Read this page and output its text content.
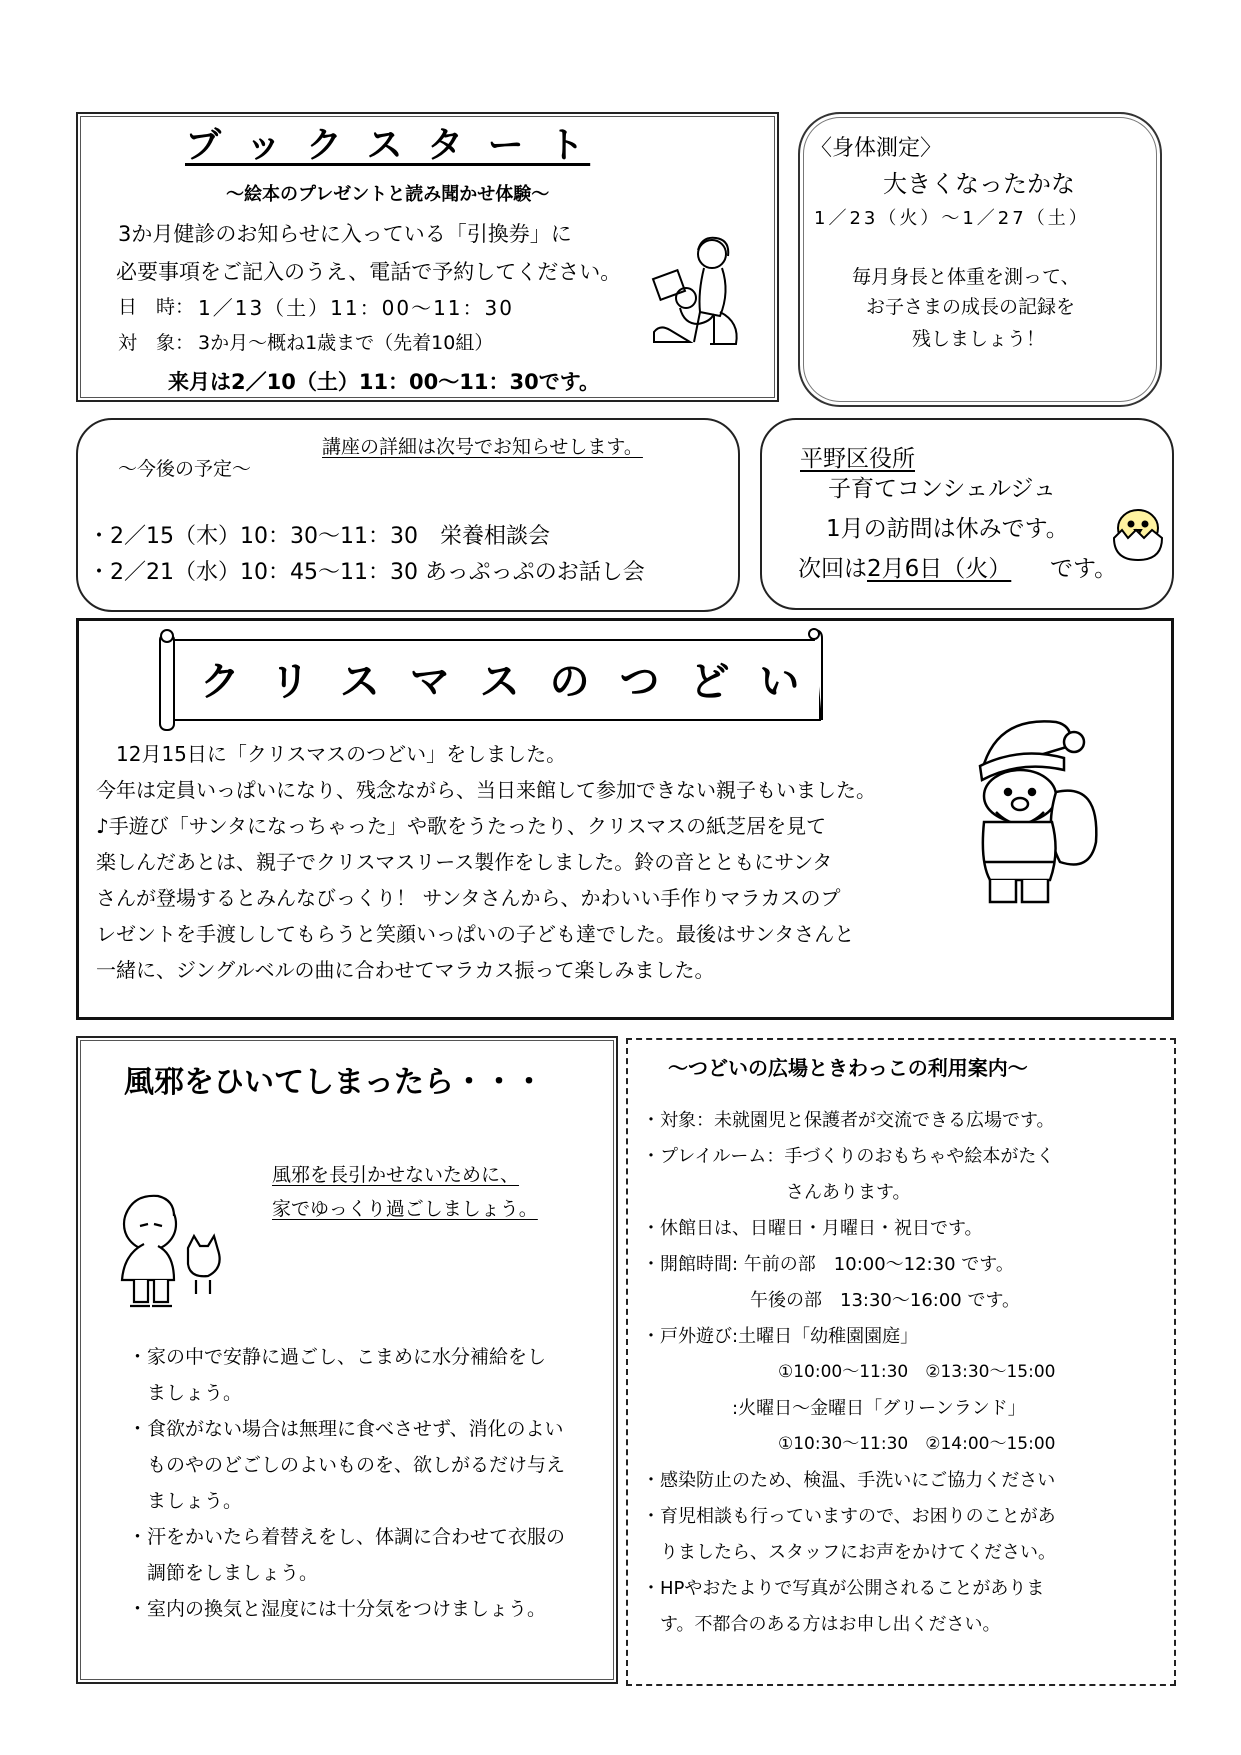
ブ ッ ク ス タ ー ト
～絵本のプレゼントと読み聞かせ体験～
3か月健診のお知らせに入っている「引換券」に
必要事項をご記入のうえ、電話で予約してください。
日　時： 1／13（土）11：00～11：30
対　象： 3か月～概ね1歳まで（先着10組）
来月は2／10（土）11：00～11：30です。
〈身体測定〉
大きくなったかな
1／23（火）～1／27（土）
毎月身長と体重を測って、
お子さまの成長の記録を
残しましょう！
講座の詳細は次号でお知らせします。
～今後の予定～
・2／15（木）10：30～11：30　栄養相談会
・2／21（水）10：45～11：30 あっぷっぷのお話し会
平野区役所
子育てコンシェルジュ
1月の訪問は休みです。
次回は 2月6日（火） です。
ク リ ス マ ス の つ ど い
　12月15日に「クリスマスのつどい」をしました。
今年は定員いっぱいになり、残念ながら、当日来館して参加できない親子もいました。
♪手遊び「サンタになっちゃった」や歌をうたったり、クリスマスの紙芝居を見て
楽しんだあとは、親子でクリスマスリース製作をしました。鈴の音とともにサンタ
さんが登場するとみんなびっくり！ サンタさんから、かわいい手作りマラカスのプ
レゼントを手渡ししてもらうと笑顔いっぱいの子ども達でした。最後はサンタさんと
一緒に、ジングルベルの曲に合わせてマラカス振って楽しみました。
風邪をひいてしまったら・・・
風邪を長引かせないために、
家でゆっくり過ごしましょう。
・家の中で安静に過ごし、こまめに水分補給をし
　ましょう。
・食欲がない場合は無理に食べさせず、消化のよい
　ものやのどごしのよいものを、欲しがるだけ与え
　ましょう。
・汗をかいたら着替えをし、体調に合わせて衣服の
　調節をしましょう。
・室内の換気と湿度には十分気をつけましょう。
～つどいの広場ときわっこの利用案内～
・対象：未就園児と保護者が交流できる広場です。
・プレイルーム：手づくりのおもちゃや絵本がたく
　　　　　　　　さんあります。
・休館日は、日曜日・月曜日・祝日です。
・開館時間: 午前の部　10:00～12:30 です。
　　　　　　午後の部　13:30～16:00 です。
・戸外遊び:土曜日「幼稚園園庭」
　　　　　　　　①10:00～11:30　②13:30～15:00
　　　　　:火曜日～金曜日「グリーンランド」
　　　　　　　　①10:30～11:30　②14:00～15:00
・感染防止のため、検温、手洗いにご協力ください
・育児相談も行っていますので、お困りのことがあ
　りましたら、スタッフにお声をかけてください。
・HPやおたよりで写真が公開されることがありま
　す。不都合のある方はお申し出ください。
